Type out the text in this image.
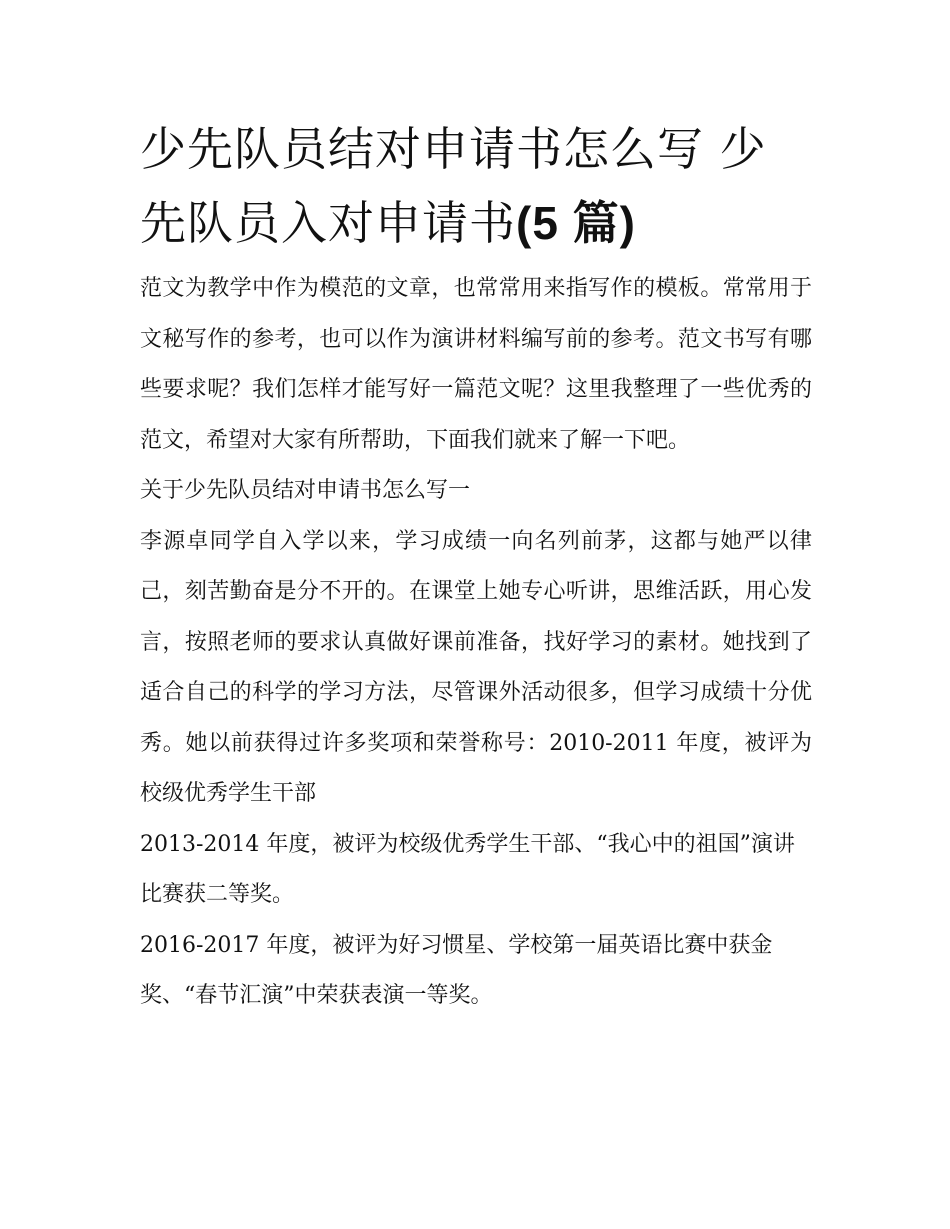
少先队员结对申请书怎么写 少先队员入对申请书(5 篇)

范文为教学中作为模范的文章，也常常用来指写作的模板。常常用于文秘写作的参考，也可以作为演讲材料编写前的参考。范文书写有哪些要求呢？我们怎样才能写好一篇范文呢？这里我整理了一些优秀的范文，希望对大家有所帮助，下面我们就来了解一下吧。

关于少先队员结对申请书怎么写一

李源卓同学自入学以来，学习成绩一向名列前茅，这都与她严以律己，刻苦勤奋是分不开的。在课堂上她专心听讲，思维活跃，用心发言，按照老师的要求认真做好课前准备，找好学习的素材。她找到了适合自己的科学的学习方法，尽管课外活动很多，但学习成绩十分优秀。她以前获得过许多奖项和荣誉称号：2010-2011 年度，被评为校级优秀学生干部

2013-2014 年度，被评为校级优秀学生干部、“我心中的祖国”演讲比赛获二等奖。

2016-2017 年度，被评为好习惯星、学校第一届英语比赛中获金奖、“春节汇演”中荣获表演一等奖。
